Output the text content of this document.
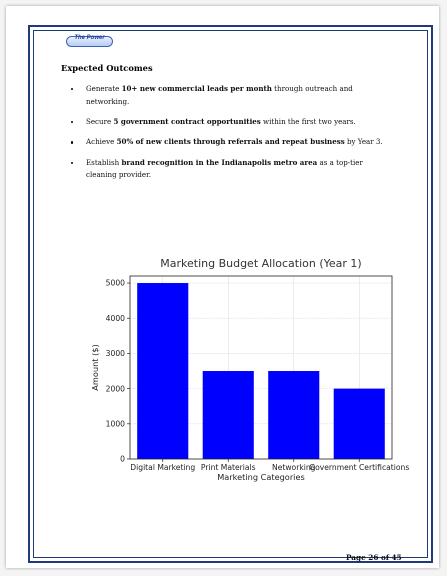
The Power
Expected Outcomes
Generate 10+ new commercial leads per month through outreach and networking.
Secure 5 government contract opportunities within the first two years.
Achieve 50% of new clients through referrals and repeat business by Year 3.
Establish brand recognition in the Indianapolis metro area as a top-tier cleaning provider.
Marketing Budget Allocation (Year 1)
0
1000
2000
3000
4000
5000
Digital Marketing Print Materials Networking
Government Certifications
Marketing Categories
Amount ($)
Page 26 of 45
